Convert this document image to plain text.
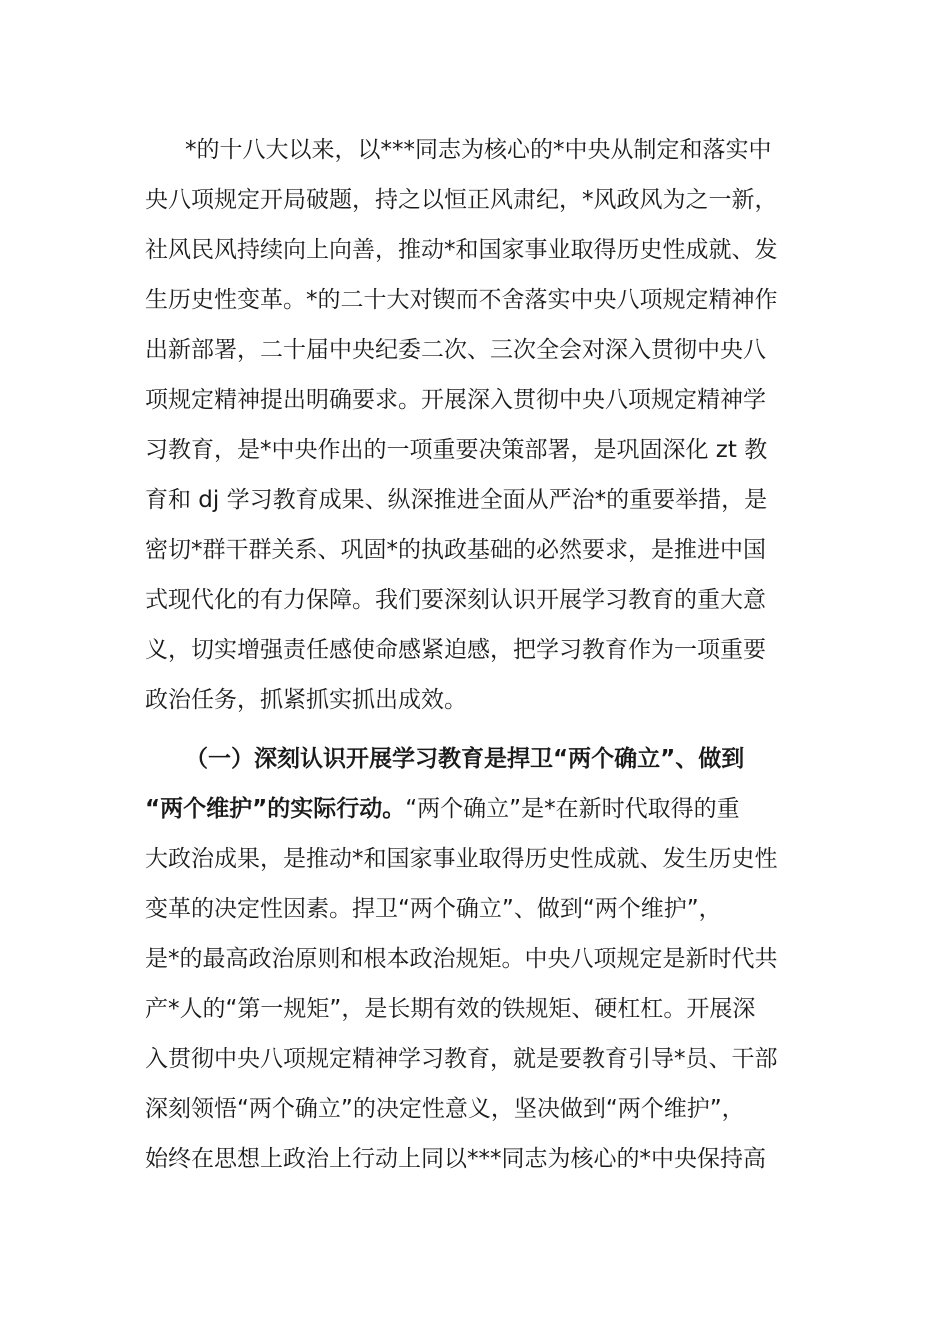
*的十八大以来，以***同志为核心的*中央从制定和落实中
央八项规定开局破题，持之以恒正风肃纪，*风政风为之一新，
社风民风持续向上向善，推动*和国家事业取得历史性成就、发
生历史性变革。*的二十大对锲而不舍落实中央八项规定精神作
出新部署，二十届中央纪委二次、三次全会对深入贯彻中央八
项规定精神提出明确要求。开展深入贯彻中央八项规定精神学
习教育，是*中央作出的一项重要决策部署，是巩固深化 zt 教
育和 dj 学习教育成果、纵深推进全面从严治*的重要举措，是
密切*群干群关系、巩固*的执政基础的必然要求，是推进中国
式现代化的有力保障。我们要深刻认识开展学习教育的重大意
义，切实增强责任感使命感紧迫感，把学习教育作为一项重要
政治任务，抓紧抓实抓出成效。
（一）深刻认识开展学习教育是捍卫“两个确立”、做到
“两个维护”的实际行动。“两个确立”是*在新时代取得的重
大政治成果，是推动*和国家事业取得历史性成就、发生历史性
变革的决定性因素。捍卫“两个确立”、做到“两个维护”，
是*的最高政治原则和根本政治规矩。中央八项规定是新时代共
产*人的“第一规矩”，是长期有效的铁规矩、硬杠杠。开展深
入贯彻中央八项规定精神学习教育，就是要教育引导*员、干部
深刻领悟“两个确立”的决定性意义，坚决做到“两个维护”，
始终在思想上政治上行动上同以***同志为核心的*中央保持高
